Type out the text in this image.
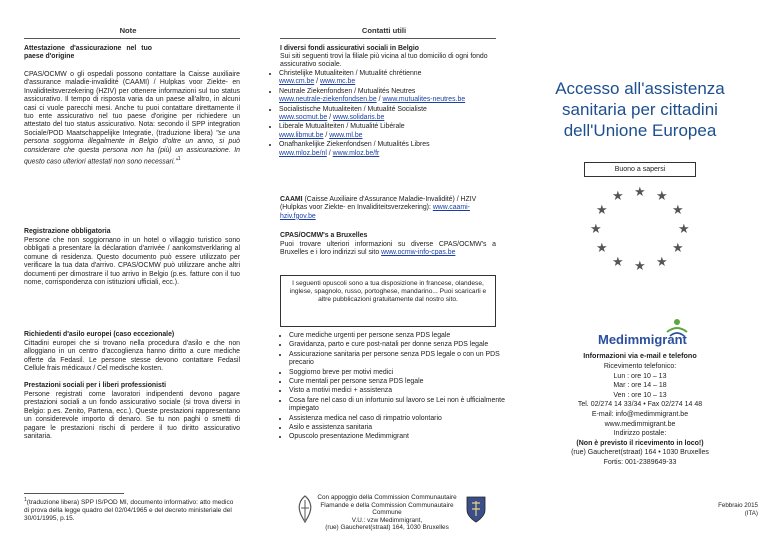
Note
Attestazione d'assicurazione nel tuo paese d'origine
CPAS/OCMW o gli ospedali possono contattare la Caisse auxiliaire d'assurance maladie-invalidité (CAAMI) / Hulpkas voor Ziekte- en Invaliditeitsverzekering (HZIV) per ottenere informazioni sul tuo status assicurativo. Il tempo di risposta varia da un paese all'altro, in alcuni casi ci vuole parecchi mesi. Anche tu puoi contattare direttamente il tuo ente assicurativo nel tuo paese d'origine per richiedere un attestato del tuo status assicurativo. Nota: secondo il SPP integration Sociale/POD Maatschappelijke Integratie, (traduzione libera) "se una persona soggiorna illegalmente in Belgio d'oltre un anno, si può considerare che questa persona non ha (più) un assicurazione. In questo caso ulteriori attestati non sono necessari."$^1$
Registrazione obbligatoria
Persone che non soggiornano in un hotel o villaggio turistico sono obbligati a presentare la déclaration d'arrivée / aankomstverklaring al comune di residenza. Questo documento può essere utilizzato per verificare la tua data d'arrivo. CPAS/OCMW può utilizzare anche altri documenti per dimostrare il tuo arrivo in Belgio (p.es. fatture con il tuo nome, corrispondenza con istituzioni ufficiali, ecc.).
Richiedenti d'asilo europei (caso eccezionale)
Cittadini europei che si trovano nella procedura d'asilo e che non alloggiano in un centro d'accoglienza hanno diritto a cure mediche offerte da Fedasil. Le persone stesse devono contattare Fedasil Cellule frais médicaux / Cel medische kosten.
Prestazioni sociali per i liberi professionisti
Persone registrati come lavoratori indipendenti devono pagare prestazioni sociali a un fondo assicurativo sociale (si trova diversi in Belgio: p.es. Zenito, Partena, ecc.). Queste prestazioni rappresentano un considerevole importo di denaro. Se tu non paghi o smetti di pagare le prestazioni rischi di perdere il tuo diritto assicurativo sanitaria.
$^1$(traduzione libera) SPP IS/POD MI, documento informativo: atto medico di prova della legge quadro del 02/04/1965 e del decreto ministeriale del 30/01/1995, p.15.
Contatti utili
I diversi fondi assicurativi sociali in Belgio
Sui siti seguenti trovi la filiale più vicina al tuo domicilio di ogni fondo assicurativo sociale.
• Christelijke Mutualiteiten / Mutualité chrétienne
www.cm.be / www.mc.be
• Neutrale Ziekenfondsen / Mutualités Neutres
www.neutrale-ziekenfondsen.be / www.mutualites-neutres.be
• Socialistische Mutualiteiten / Mutualité Socialiste
www.socmut.be / www.solidaris.be
• Liberale Mutualiteiten / Mutualité Libérale
www.libmut.be / www.ml.be
• Onafhankelijke Ziekenfondsen / Mutualités Libres
www.mloz.be/nl / www.mloz.be/fr
CAAMI (Caisse Auxiliaire d'Assurance Maladie-Invalidité) / HZIV (Hulpkas voor Ziekte- en Invaliditeitsverzekering): www.caami-hziv.fgov.be
CPAS/OCMW's a Bruxelles
Puoi trovare ulteriori informazioni su diverse CPAS/OCMW's a Bruxelles e i loro indirizzi sul sito www.ocmw-info-cpas.be
I seguenti opuscoli sono a tua disposizione in francese, olandese, inglese, spagnolo, russo, portoghese, mandarino... Puoi scaricarli e altre pubblicazioni gratuitamente dal nostro sito.
• Cure mediche urgenti per persone senza PDS legale
• Gravidanza, parto e cure post-natali per donne senza PDS legale
• Assicurazione sanitaria per persone senza PDS legale o con un PDS precario
• Soggiorno breve per motivi medici
• Cure mentali per persone senza PDS legale
• Visto a motivi medici + assistenza
• Cosa fare nel caso di un infortunio sul lavoro se Lei non è ufficialmente impiegato
• Assistenza medica nel caso di rimpatrio volontario
• Asilo e assistenza sanitaria
• Opuscolo presentazione Medimmigrant
Con appoggio della Commission Communautaire Flamande e della Commission Communautaire Commune
V.U.: vzw Medimmigrant,
(rue) Gaucheret(straat) 164, 1030 Bruxelles
Accesso all'assistenza sanitaria per cittadini dell'Unione Europea
Buono a sapersi
★
★ ★
★	★
★	★
★	★
★ ★
★
Medimmigrant
Informazioni via e-mail e telefono
Ricevimento telefonico:
Lun : ore 10 – 13
Mar : ore 14 – 18
Ven : ore 10 – 13
Tel. 02/274 14 33/34 • Fax 02/274 14 48
E-mail: info@medimmigrant.be
www.medimmigrant.be
Indirizzo postale:
(Non è previsto il ricevimento in loco!)
(rue) Gaucheret(straat) 164 • 1030 Bruxelles
Fortis: 001-2389649-33
Febbraio 2015
(ITA)
